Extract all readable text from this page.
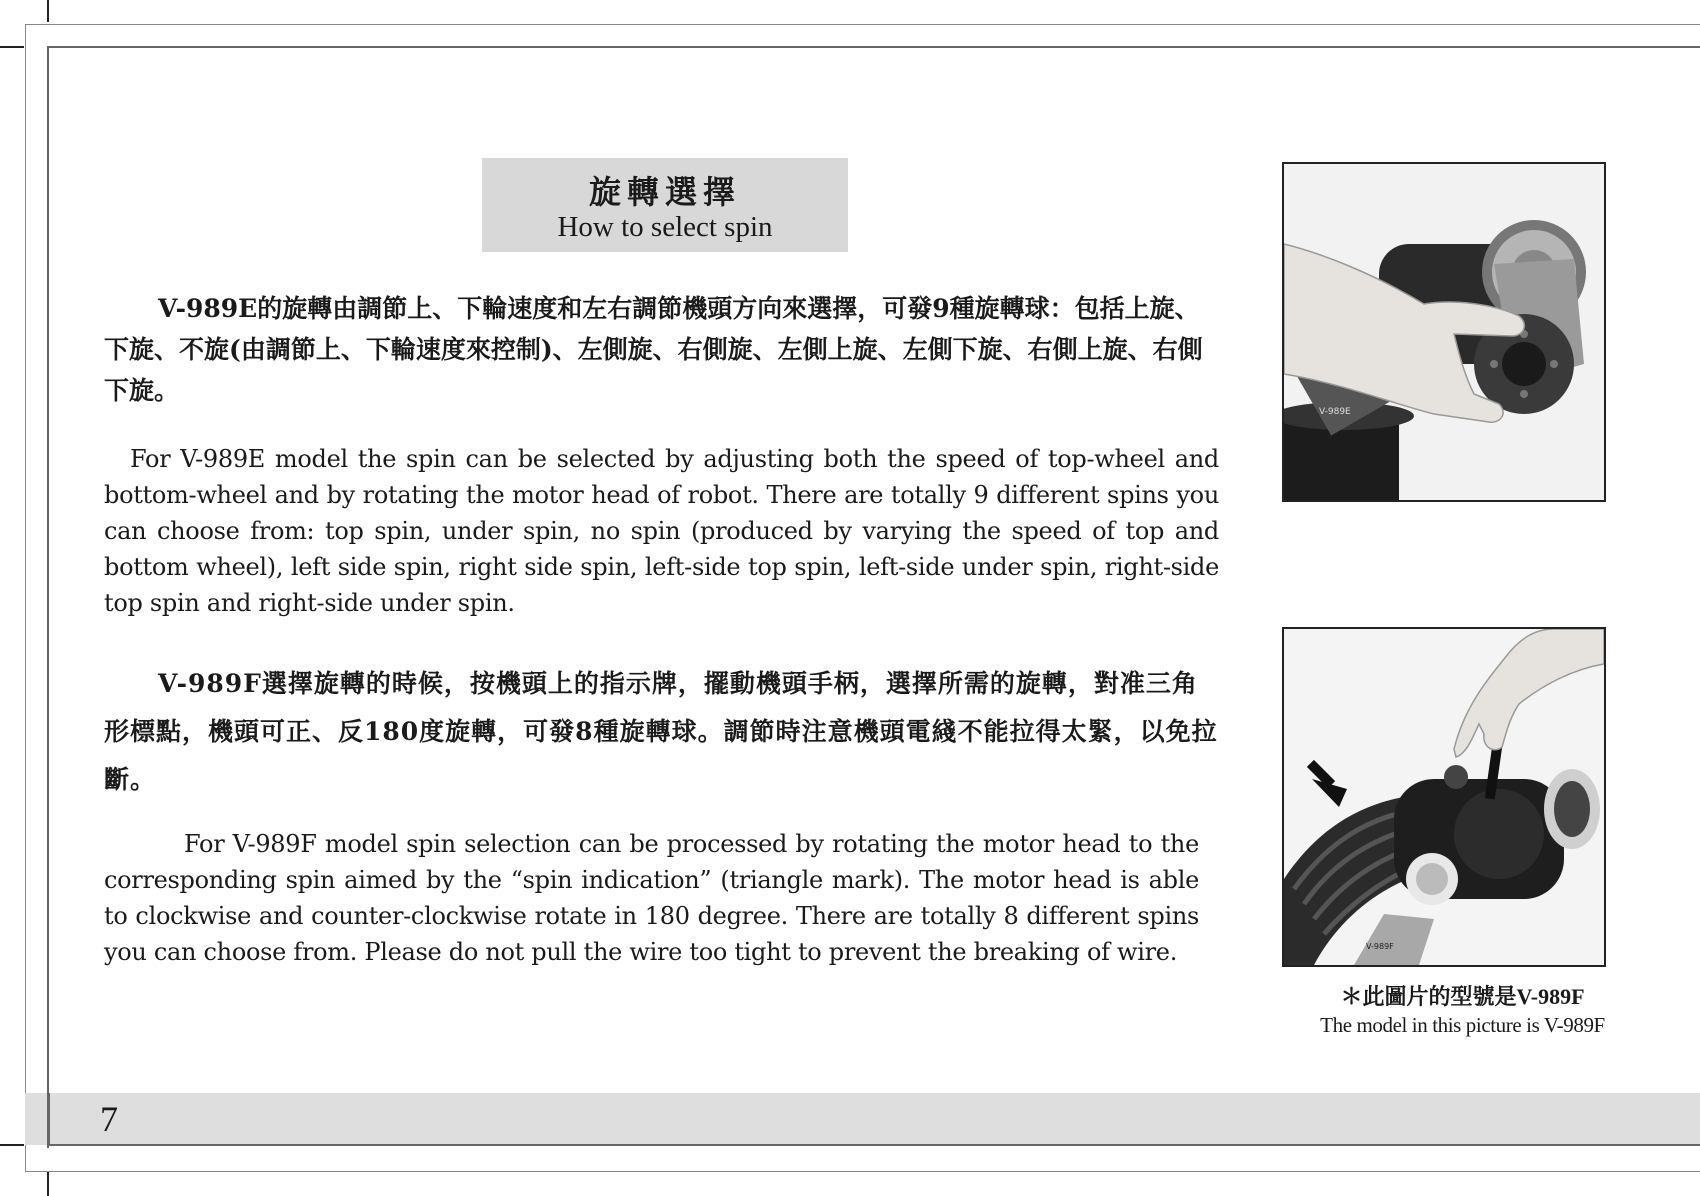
7
旋轉選擇
How to select spin

V-989E的旋轉由調節上、下輪速度和左右調節機頭方向來選擇，可發9種旋轉球：包括上旋、下旋、不旋(由調節上、下輪速度來控制)、左側旋、右側旋、左側上旋、左側下旋、右側上旋、右側下旋。

For V-989E model the spin can be selected by adjusting both the speed of top-wheel and bottom-wheel and by rotating the motor head of robot. There are totally 9 different spins you can choose from: top spin, under spin, no spin (produced by varying the speed of top and bottom wheel), left side spin, right side spin, left-side top spin, left-side under spin, right-side top spin and right-side under spin.

V-989F選擇旋轉的時候，按機頭上的指示牌，擺動機頭手柄，選擇所需的旋轉，對准三角形標點，機頭可正、反180度旋轉，可發8種旋轉球。調節時注意機頭電綫不能拉得太緊，以免拉斷。

For V-989F model spin selection can be processed by rotating the motor head to the corresponding spin aimed by the “spin indication” (triangle mark). The motor head is able to clockwise and counter-clockwise rotate in 180 degree. There are totally 8 different spins you can choose from. Please do not pull the wire too tight to prevent the breaking of wire.

V-989E
V-989F
＊此圖片的型號是V-989F
The model in this picture is V-989F
